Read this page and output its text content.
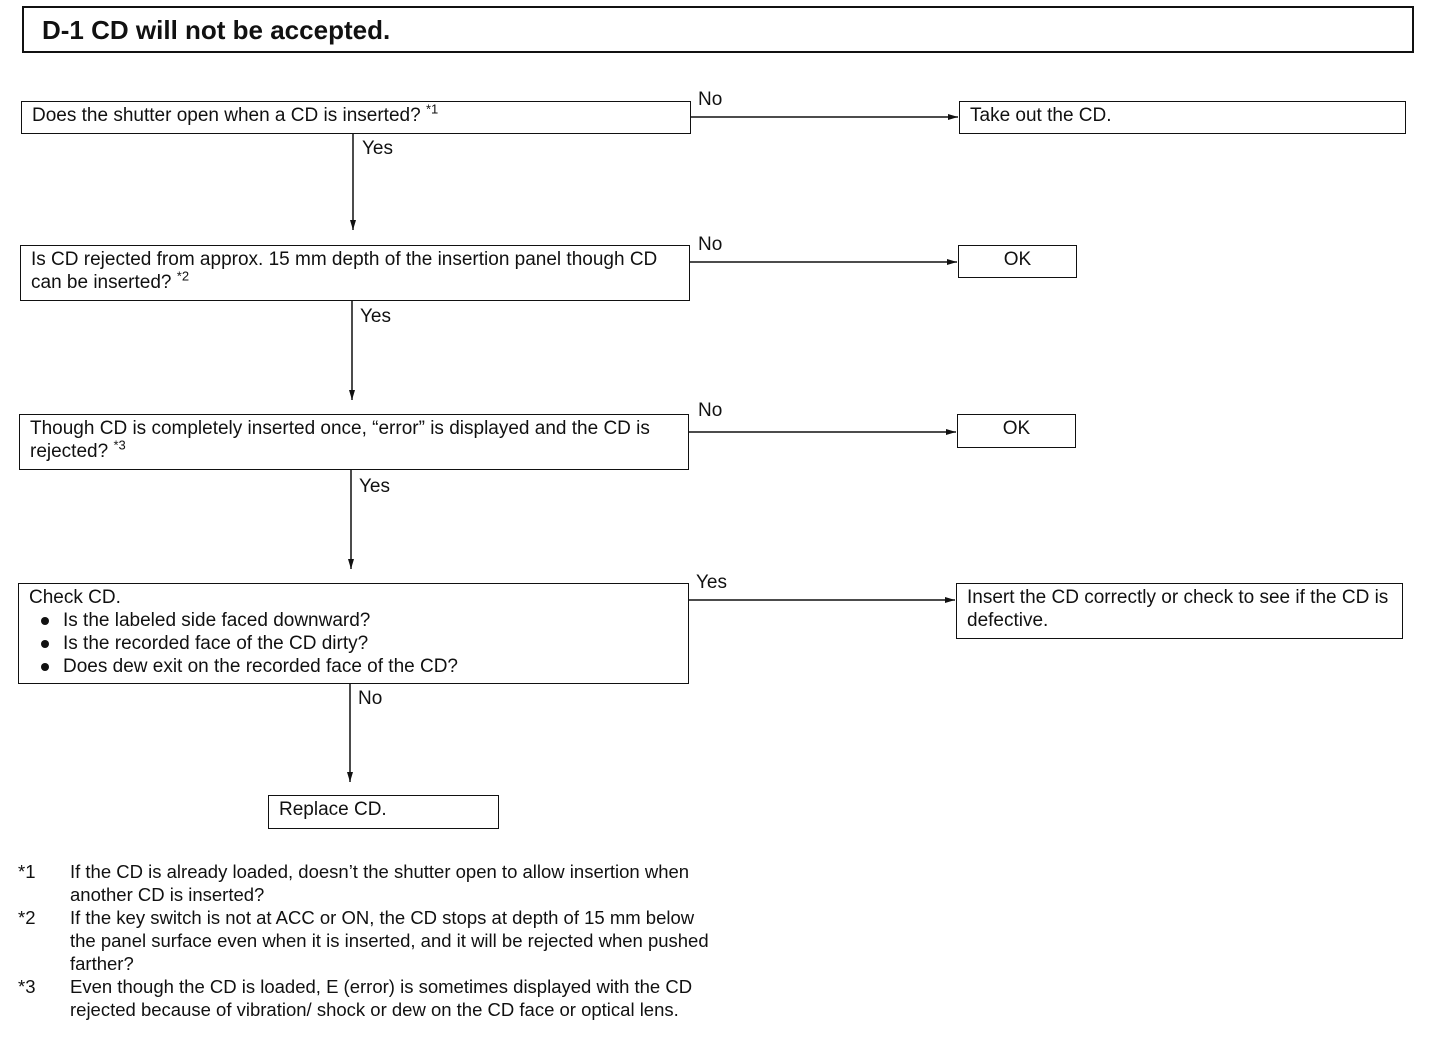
D-1 CD will not be accepted.
Does the shutter open when a CD is inserted? $^{*1}$	Take out the CD.
No
Yes
Is CD rejected from approx. 15 mm depth of the insertion panel though CD can be inserted? $^{*2}$
OK
No
Yes
Though CD is completely inserted once, “error” is displayed and the CD is rejected? $^{*3}$
OK
No
Yes
Check CD.
Is the labeled side faced downward?
Is the recorded face of the CD dirty?
Does dew exit on the recorded face of the CD?
Insert the CD correctly or check to see if the CD is defective.
Yes
No
Replace CD.
*1 If the CD is already loaded, doesn’t the shutter open to allow insertion when another CD is inserted?
*2 If the key switch is not at ACC or ON, the CD stops at depth of 15 mm below the panel surface even when it is inserted, and it will be rejected when pushed farther?
*3 Even though the CD is loaded, E (error) is sometimes displayed with the CD rejected because of vibration/ shock or dew on the CD face or optical lens.
